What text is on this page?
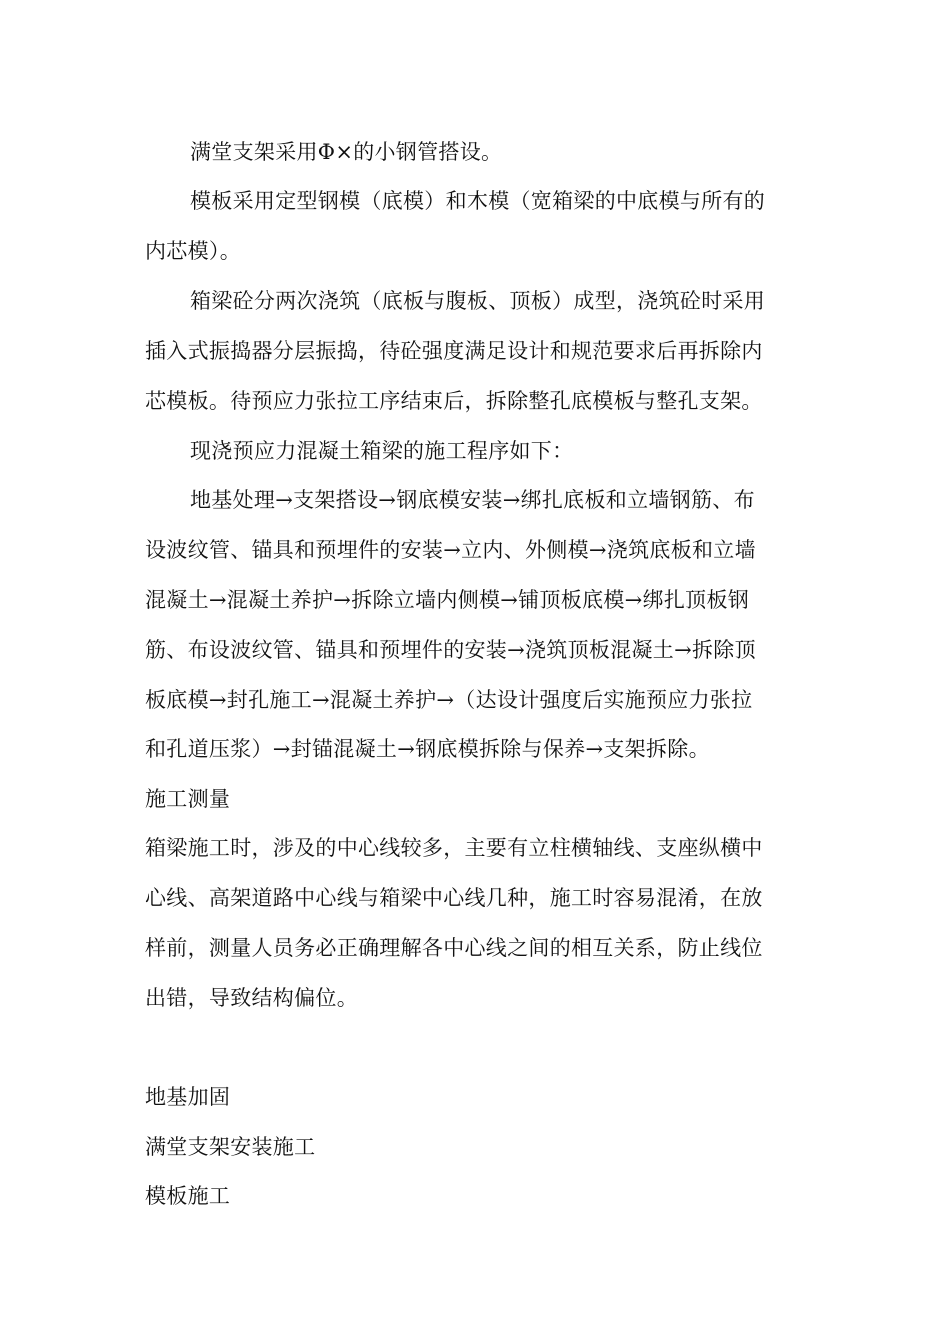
满堂支架采用Φ×的小钢管搭设。
模板采用定型钢模（底模）和木模（宽箱梁的中底模与所有的
内芯模）。
箱梁砼分两次浇筑（底板与腹板、顶板）成型，浇筑砼时采用
插入式振捣器分层振捣，待砼强度满足设计和规范要求后再拆除内
芯模板。待预应力张拉工序结束后，拆除整孔底模板与整孔支架。
现浇预应力混凝土箱梁的施工程序如下：
地基处理→支架搭设→钢底模安装→绑扎底板和立墙钢筋、布
设波纹管、锚具和预埋件的安装→立内、外侧模→浇筑底板和立墙
混凝土→混凝土养护→拆除立墙内侧模→铺顶板底模→绑扎顶板钢
筋、布设波纹管、锚具和预埋件的安装→浇筑顶板混凝土→拆除顶
板底模→封孔施工→混凝土养护→（达设计强度后实施预应力张拉
和孔道压浆）→封锚混凝土→钢底模拆除与保养→支架拆除。
施工测量
箱梁施工时，涉及的中心线较多，主要有立柱横轴线、支座纵横中
心线、高架道路中心线与箱梁中心线几种，施工时容易混淆，在放
样前，测量人员务必正确理解各中心线之间的相互关系，防止线位
出错，导致结构偏位。
地基加固
满堂支架安装施工
模板施工
